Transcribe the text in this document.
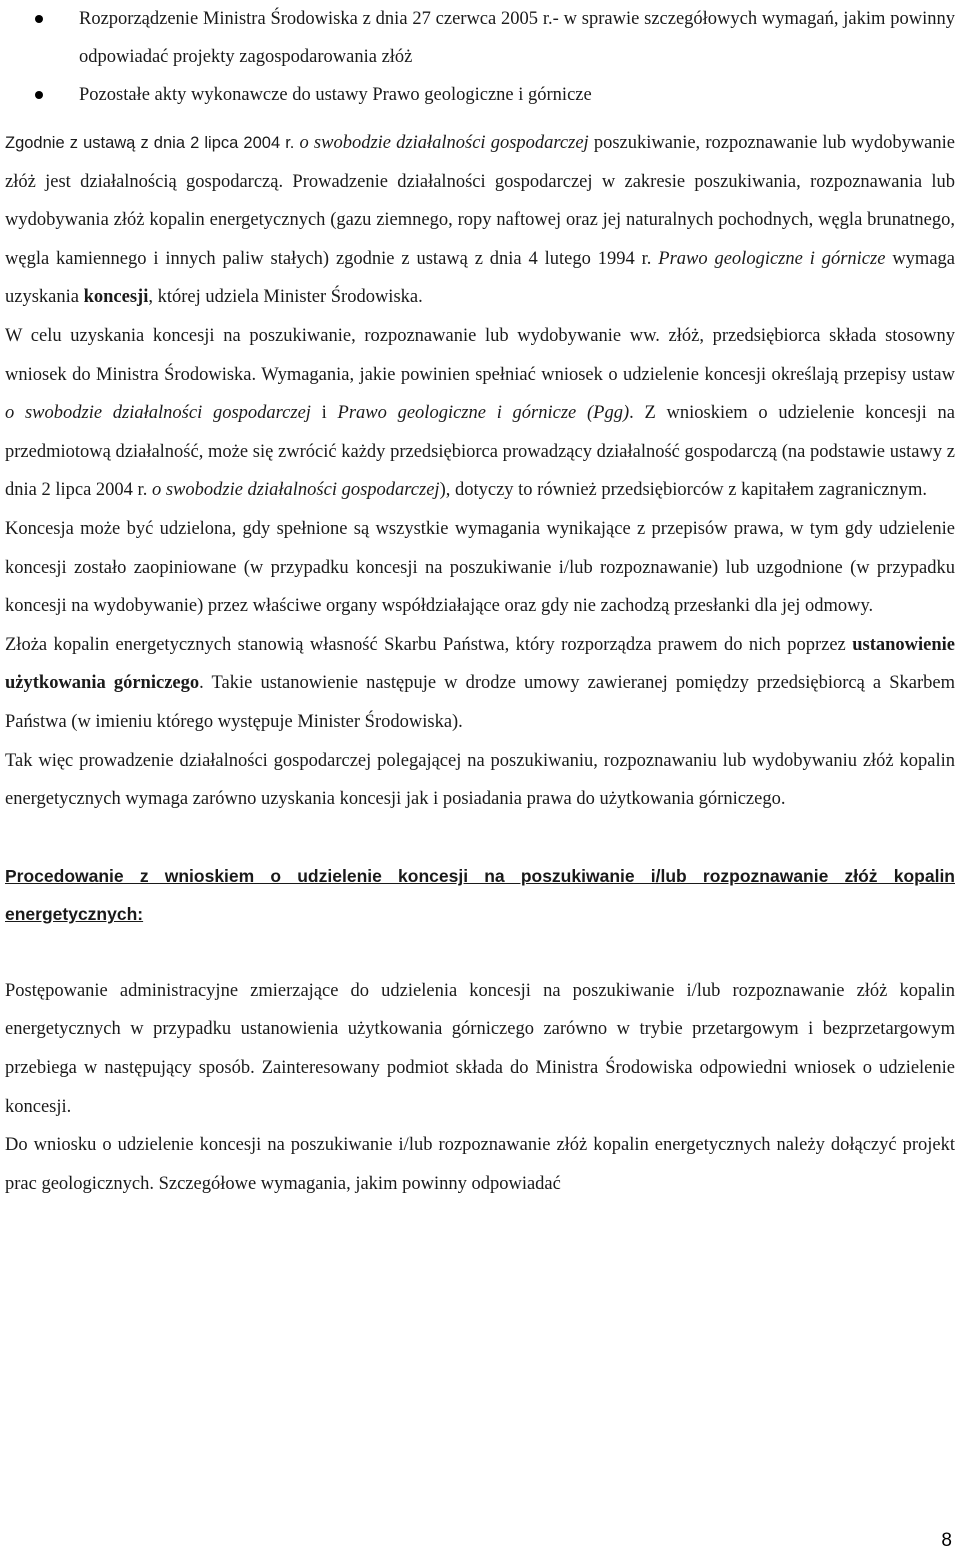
Rozporządzenie Ministra Środowiska z dnia 27 czerwca 2005 r.- w sprawie szczegółowych wymagań, jakim powinny odpowiadać projekty zagospodarowania złóż
Pozostałe akty wykonawcze do ustawy Prawo geologiczne i górnicze

Zgodnie z ustawą z dnia 2 lipca 2004 r. o swobodzie działalności gospodarczej poszukiwanie, rozpoznawanie lub wydobywanie złóż jest działalnością gospodarczą. Prowadzenie działalności gospodarczej w zakresie poszukiwania, rozpoznawania lub wydobywania złóż kopalin energetycznych (gazu ziemnego, ropy naftowej oraz jej naturalnych pochodnych, węgla brunatnego, węgla kamiennego i innych paliw stałych) zgodnie z ustawą z dnia 4 lutego 1994 r. Prawo geologiczne i górnicze wymaga uzyskania koncesji, której udziela Minister Środowiska.

W celu uzyskania koncesji na poszukiwanie, rozpoznawanie lub wydobywanie ww. złóż, przedsiębiorca składa stosowny wniosek do Ministra Środowiska. Wymagania, jakie powinien spełniać wniosek o udzielenie koncesji określają przepisy ustaw o swobodzie działalności gospodarczej i Prawo geologiczne i górnicze (Pgg). Z wnioskiem o udzielenie koncesji na przedmiotową działalność, może się zwrócić każdy przedsiębiorca prowadzący działalność gospodarczą (na podstawie ustawy z dnia 2 lipca 2004 r. o swobodzie działalności gospodarczej), dotyczy to również przedsiębiorców z kapitałem zagranicznym.

Koncesja może być udzielona, gdy spełnione są wszystkie wymagania wynikające z przepisów prawa, w tym gdy udzielenie koncesji zostało zaopiniowane (w przypadku koncesji na poszukiwanie i/lub rozpoznawanie) lub uzgodnione (w przypadku koncesji na wydobywanie) przez właściwe organy współdziałające oraz gdy nie zachodzą przesłanki dla jej odmowy.

Złoża kopalin energetycznych stanowią własność Skarbu Państwa, który rozporządza prawem do nich poprzez ustanowienie użytkowania górniczego. Takie ustanowienie następuje w drodze umowy zawieranej pomiędzy przedsiębiorcą a Skarbem Państwa (w imieniu którego występuje Minister Środowiska).

Tak więc prowadzenie działalności gospodarczej polegającej na poszukiwaniu, rozpoznawaniu lub wydobywaniu złóż kopalin energetycznych wymaga zarówno uzyskania koncesji jak i posiadania prawa do użytkowania górniczego.

Procedowanie z wnioskiem o udzielenie koncesji na poszukiwanie i/lub rozpoznawanie złóż kopalin energetycznych:

Postępowanie administracyjne zmierzające do udzielenia koncesji na poszukiwanie i/lub rozpoznawanie złóż kopalin energetycznych w przypadku ustanowienia użytkowania górniczego zarówno w trybie przetargowym i bezprzetargowym przebiega w następujący sposób. Zainteresowany podmiot składa do Ministra Środowiska odpowiedni wniosek o udzielenie koncesji.

Do wniosku o udzielenie koncesji na poszukiwanie i/lub rozpoznawanie złóż kopalin energetycznych należy dołączyć projekt prac geologicznych. Szczegółowe wymagania, jakim powinny odpowiadać

8
